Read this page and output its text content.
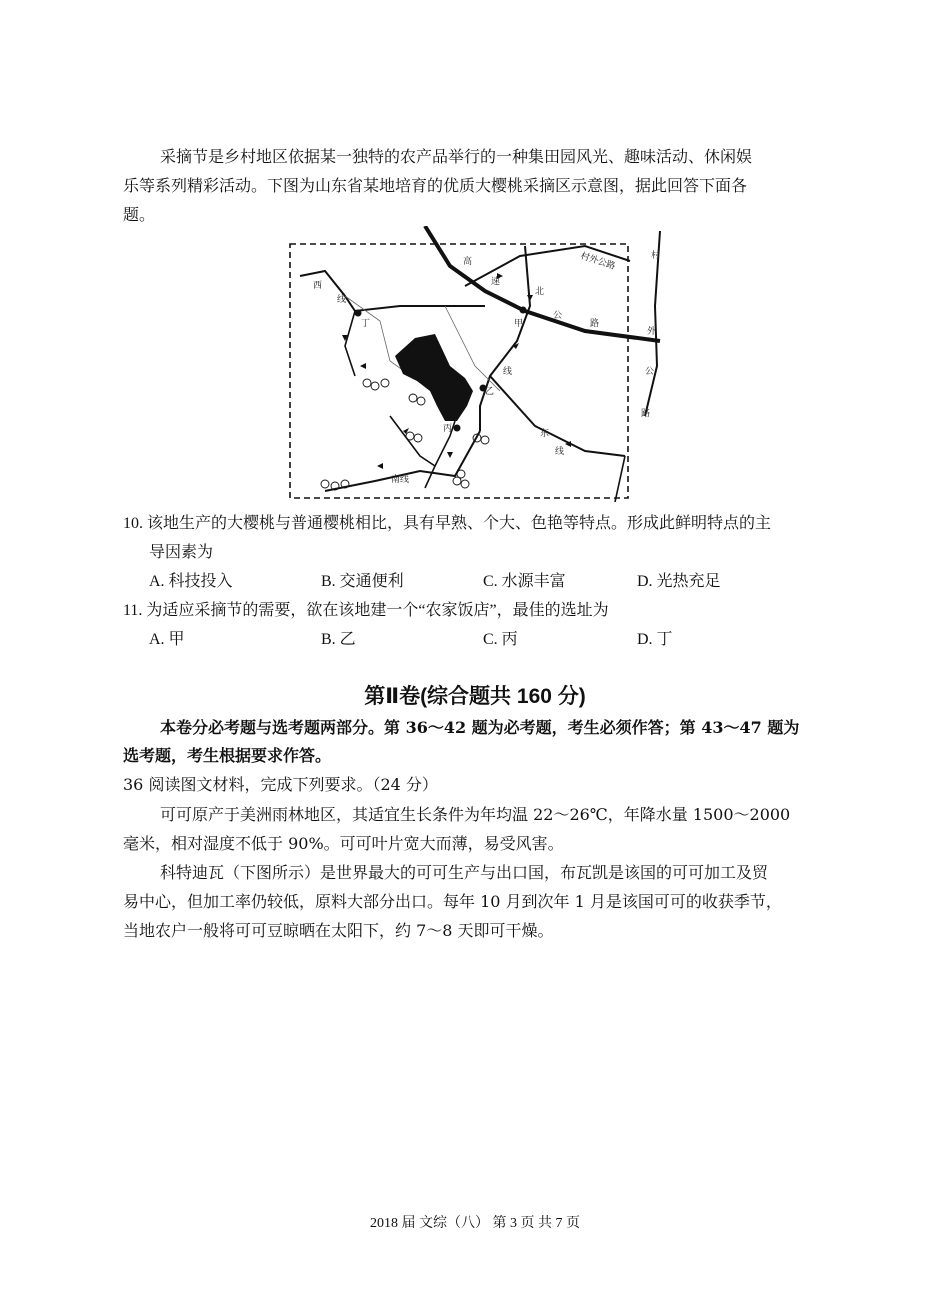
采摘节是乡村地区依据某一独特的农产品举行的一种集田园风光、趣味活动、休闲娱
乐等系列精彩活动。下图为山东省某地培育的优质大樱桃采摘区示意图，据此回答下面各
题。
丁	甲
乙
丙
高
速
北
公
路
村外公路
西
线
线
东
线
南线
村
外
公
路
10. 该地生产的大樱桃与普通樱桃相比，具有早熟、个大、色艳等特点。形成此鲜明特点的主
导因素为
A. 科技投入	B. 交通便利	C. 水源丰富	D. 光热充足
11. 为适应采摘节的需要，欲在该地建一个“农家饭店”，最佳的选址为
A. 甲	B. 乙	C. 丙	D. 丁
第Ⅱ卷(综合题共 160 分)
本卷分必考题与选考题两部分。第 36～42 题为必考题，考生必须作答；第 43～47 题为
选考题，考生根据要求作答。
36 阅读图文材料，完成下列要求。（24 分）
可可原产于美洲雨林地区，其适宜生长条件为年均温 22～26℃，年降水量 1500～2000
毫米，相对湿度不低于 90%。可可叶片宽大而薄，易受风害。
科特迪瓦（下图所示）是世界最大的可可生产与出口国，布瓦凯是该国的可可加工及贸
易中心，但加工率仍较低，原料大部分出口。每年 10 月到次年 1 月是该国可可的收获季节，
当地农户一般将可可豆晾晒在太阳下，约 7～8 天即可干燥。
2018 届 文综（八） 第 3 页 共 7 页
